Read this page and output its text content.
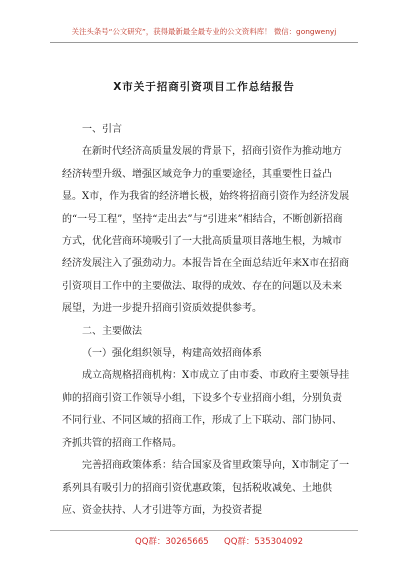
关注头条号“公文研究”，获得最新最全最专业的公文资料库！ 微信：gongwenyj
X市关于招商引资项目工作总结报告

一、引言

在新时代经济高质量发展的背景下，招商引资作为推动地方经济转型升级、增强区域竞争力的重要途径，其重要性日益凸显。X市，作为我省的经济增长极，始终将招商引资作为经济发展的“一号工程”，坚持“走出去”与“引进来”相结合，不断创新招商方式，优化营商环境吸引了一大批高质量项目落地生根，为城市经济发展注入了强劲动力。本报告旨在全面总结近年来X市在招商引资项目工作中的主要做法、取得的成效、存在的问题以及未来展望，为进一步提升招商引资质效提供参考。

二、主要做法

（一）强化组织领导，构建高效招商体系

成立高规格招商机构：X市成立了由市委、市政府主要领导挂帅的招商引资工作领导小组，下设多个专业招商小组，分别负责不同行业、不同区域的招商工作，形成了上下联动、部门协同、齐抓共管的招商工作格局。

完善招商政策体系：结合国家及省里政策导向，X市制定了一系列具有吸引力的招商引资优惠政策，包括税收减免、土地供应、资金扶持、人才引进等方面，为投资者提

QQ群：30265665 QQ群：535304092
